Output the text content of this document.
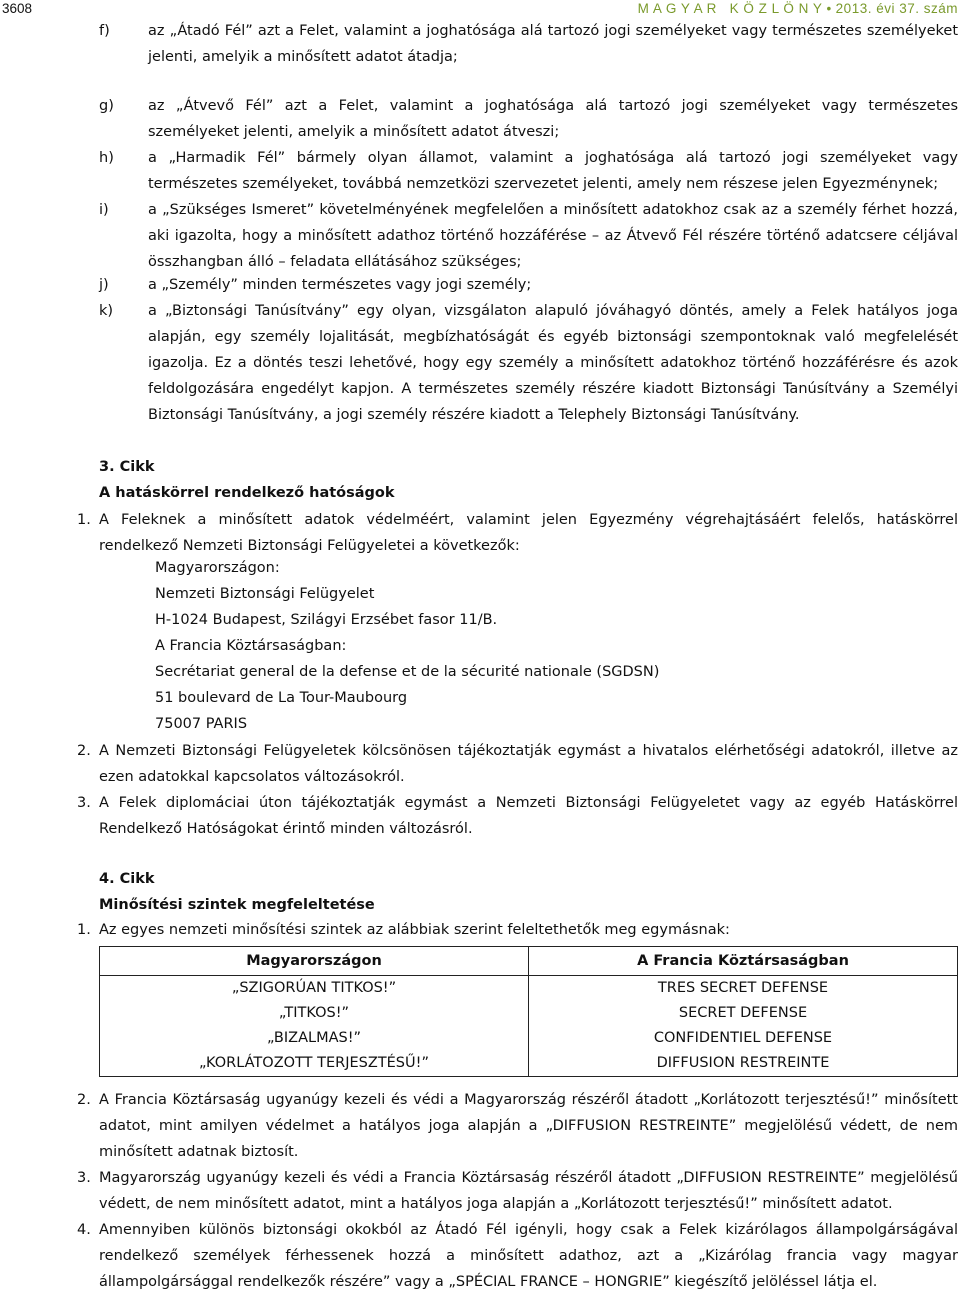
3608	M A G Y A R   K Ö Z L Ö N Y • 2013. évi 37. szám
f)	az „Átadó Fél” azt a Felet, valamint a joghatósága alá tartozó jogi személyeket vagy természetes személyeket jelenti, amelyik a minősített adatot átadja;
g) az „Átvevő Fél” azt a Felet, valamint a joghatósága alá tartozó jogi személyeket vagy természetes személyeket jelenti, amelyik a minősített adatot átveszi;
h) a „Harmadik Fél” bármely olyan államot, valamint a joghatósága alá tartozó jogi személyeket vagy természetes személyeket, továbbá nemzetközi szervezetet jelenti, amely nem részese jelen Egyezménynek;
i)	a „Szükséges Ismeret” követelményének megfelelően a minősített adatokhoz csak az a személy férhet hozzá, aki igazolta, hogy a minősített adathoz történő hozzáférése – az Átvevő Fél részére történő adatcsere céljával összhangban álló – feladata ellátásához szükséges;
j)	a „Személy” minden természetes vagy jogi személy;
k) a „Biztonsági Tanúsítvány” egy olyan, vizsgálaton alapuló jóváhagyó döntés, amely a Felek hatályos joga alapján, egy személy lojalitását, megbízhatóságát és egyéb biztonsági szempontoknak való megfelelését igazolja. Ez a döntés teszi lehetővé, hogy egy személy a minősített adatokhoz történő hozzáférésre és azok feldolgozására engedélyt kapjon. A természetes személy részére kiadott Biztonsági Tanúsítvány a Személyi Biztonsági Tanúsítvány, a jogi személy részére kiadott a Telephely Biztonsági Tanúsítvány.
3. Cikk
A hatáskörrel rendelkező hatóságok
1. A Feleknek a minősített adatok védelméért, valamint jelen Egyezmény végrehajtásáért felelős, hatáskörrel rendelkező Nemzeti Biztonsági Felügyeletei a következők:
Magyarországon:
Nemzeti Biztonsági Felügyelet
H-1024 Budapest, Szilágyi Erzsébet fasor 11/B.
A Francia Köztársaságban:
Secrétariat general de la defense et de la sécurité nationale (SGDSN)
51 boulevard de La Tour-Maubourg
75007 PARIS
2. A Nemzeti Biztonsági Felügyeletek kölcsönösen tájékoztatják egymást a hivatalos elérhetőségi adatokról, illetve az ezen adatokkal kapcsolatos változásokról.
3. A Felek diplomáciai úton tájékoztatják egymást a Nemzeti Biztonsági Felügyeletet vagy az egyéb Hatáskörrel Rendelkező Hatóságokat érintő minden változásról.
4. Cikk
Minősítési szintek megfeleltetése
1. Az egyes nemzeti minősítési szintek az alábbiak szerint feleltethetők meg egymásnak:
Magyarországon	A Francia Köztársaságban
„SZIGORÚAN TITKOS!”	TRES SECRET DEFENSE
„TITKOS!”	SECRET DEFENSE
„BIZALMAS!”	CONFIDENTIEL DEFENSE
„KORLÁTOZOTT TERJESZTÉSŰ!”	DIFFUSION RESTREINTE
2. A Francia Köztársaság ugyanúgy kezeli és védi a Magyarország részéről átadott „Korlátozott terjesztésű!” minősített adatot, mint amilyen védelmet a hatályos joga alapján a „DIFFUSION RESTREINTE” megjelölésű védett, de nem minősített adatnak biztosít.
3. Magyarország ugyanúgy kezeli és védi a Francia Köztársaság részéről átadott „DIFFUSION RESTREINTE” megjelölésű védett, de nem minősített adatot, mint a hatályos joga alapján a „Korlátozott terjesztésű!” minősített adatot.
4. Amennyiben különös biztonsági okokból az Átadó Fél igényli, hogy csak a Felek kizárólagos állampolgárságával rendelkező személyek férhessenek hozzá a minősített adathoz, azt a „Kizárólag francia vagy magyar állampolgársággal rendelkezők részére” vagy a „SPÉCIAL FRANCE – HONGRIE” kiegészítő jelöléssel látja el.
